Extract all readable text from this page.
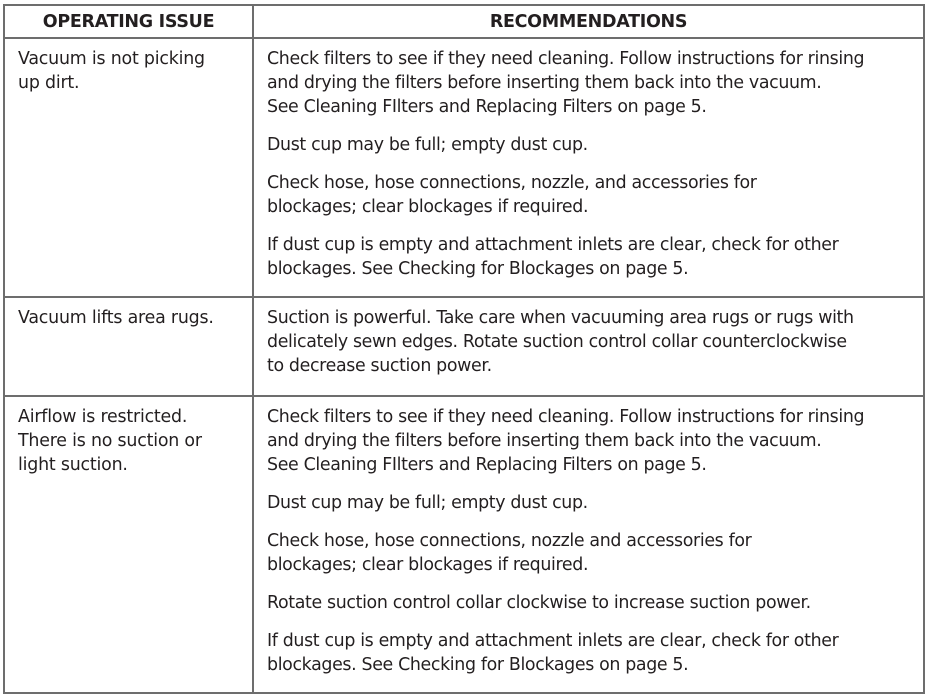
OPERATING ISSUE	RECOMMENDATIONS
Vacuum is not picking
up dirt.
Check filters to see if they need cleaning. Follow instructions for rinsing
and drying the filters before inserting them back into the vacuum.
See Cleaning FIlters and Replacing Filters on page 5.
Dust cup may be full; empty dust cup.
Check hose, hose connections, nozzle, and accessories for
blockages; clear blockages if required.
If dust cup is empty and attachment inlets are clear, check for other
blockages. See Checking for Blockages on page 5.
Vacuum lifts area rugs.	Suction is powerful. Take care when vacuuming area rugs or rugs with
delicately sewn edges. Rotate suction control collar counterclockwise
to decrease suction power.
Airflow is restricted.
There is no suction or
light suction.
Check filters to see if they need cleaning. Follow instructions for rinsing
and drying the filters before inserting them back into the vacuum.
See Cleaning FIlters and Replacing Filters on page 5.
Dust cup may be full; empty dust cup.
Check hose, hose connections, nozzle and accessories for
blockages; clear blockages if required.
Rotate suction control collar clockwise to increase suction power.
If dust cup is empty and attachment inlets are clear, check for other
blockages. See Checking for Blockages on page 5.
